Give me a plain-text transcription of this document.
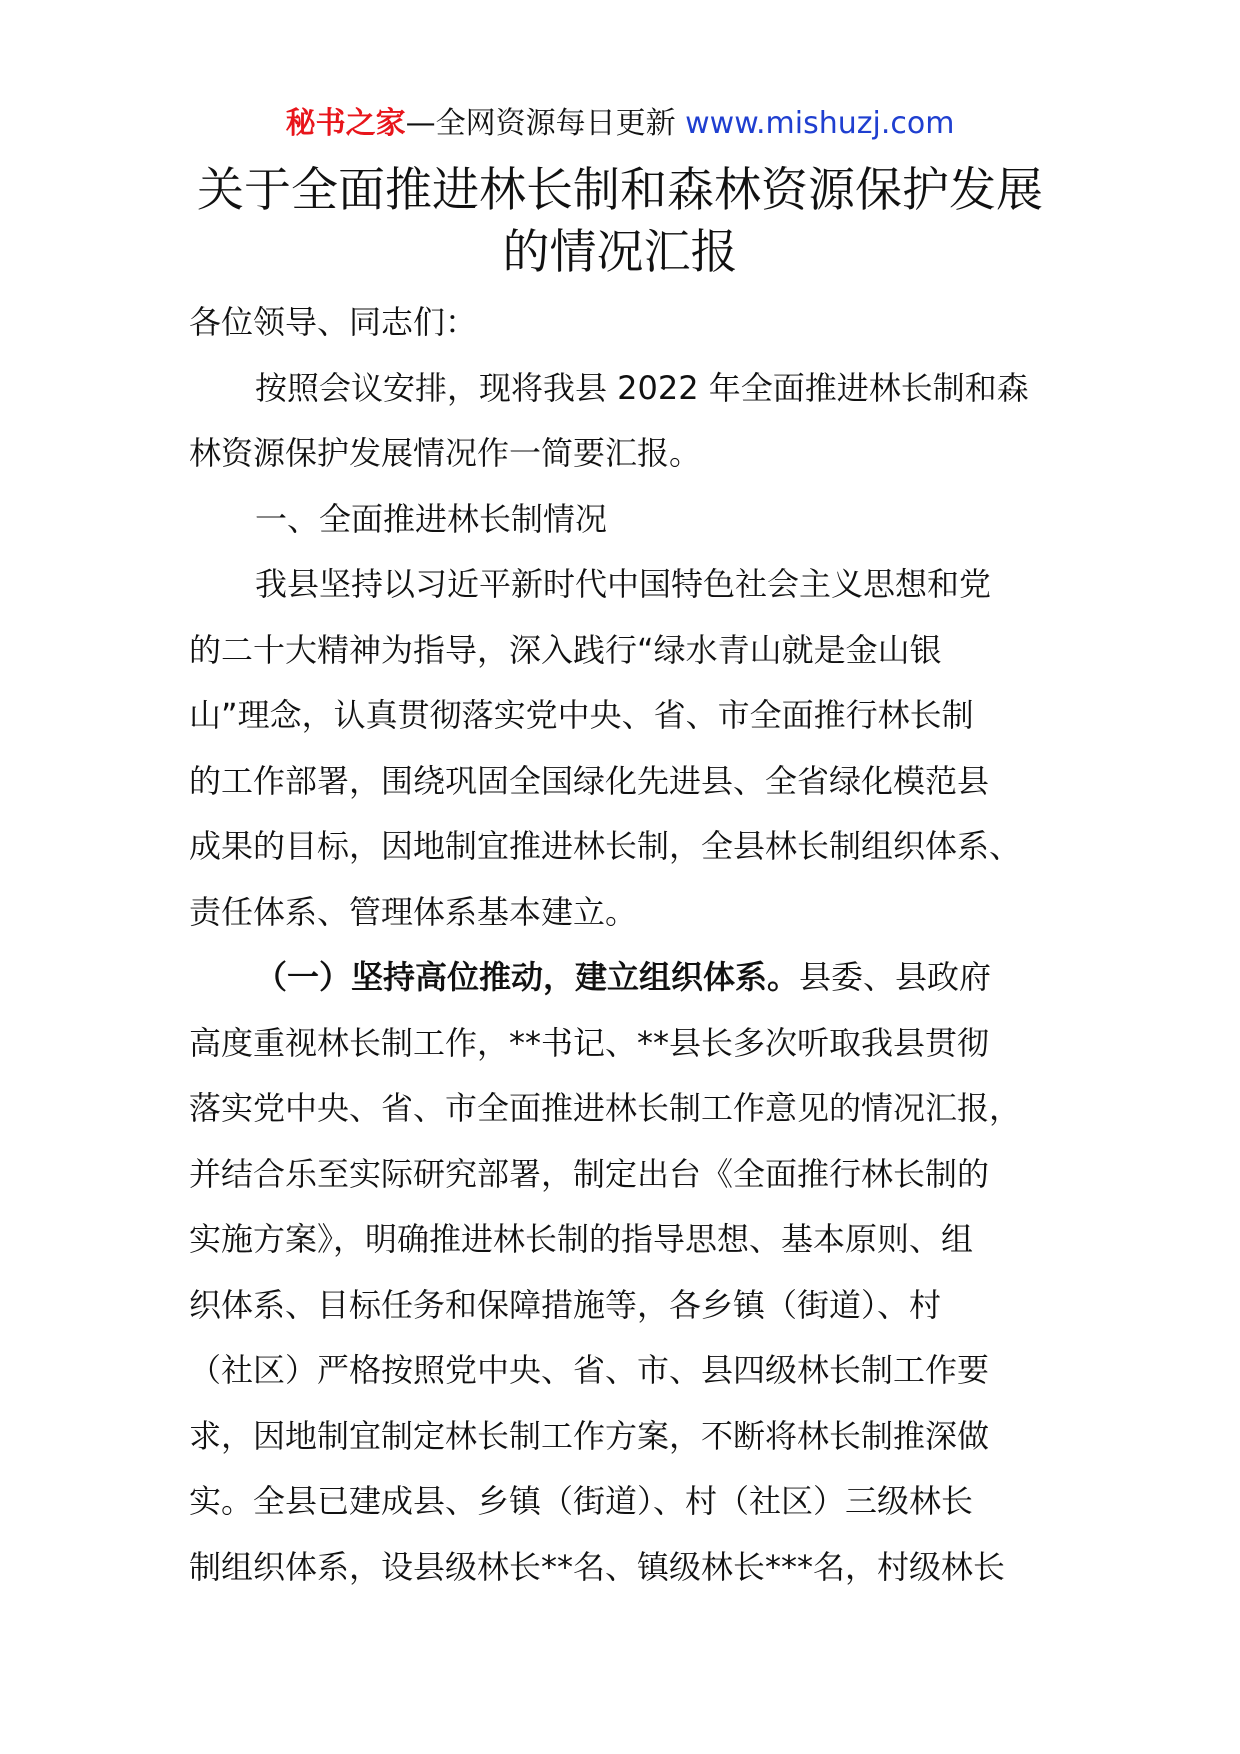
秘书之家—全网资源每日更新 www.mishuzj.com
关于全面推进林长制和森林资源保护发展
的情况汇报
各位领导、同志们：
按照会议安排，现将我县 2022 年全面推进林长制和森
林资源保护发展情况作一简要汇报。
一、全面推进林长制情况
我县坚持以习近平新时代中国特色社会主义思想和党
的二十大精神为指导，深入践行“绿水青山就是金山银
山”理念，认真贯彻落实党中央、省、市全面推行林长制
的工作部署，围绕巩固全国绿化先进县、全省绿化模范县
成果的目标，因地制宜推进林长制，全县林长制组织体系、
责任体系、管理体系基本建立。
（一）坚持高位推动，建立组织体系。县委、县政府
高度重视林长制工作，**书记、**县长多次听取我县贯彻
落实党中央、省、市全面推进林长制工作意见的情况汇报，
并结合乐至实际研究部署，制定出台《全面推行林长制的
实施方案》，明确推进林长制的指导思想、基本原则、组
织体系、目标任务和保障措施等，各乡镇（街道）、村
（社区）严格按照党中央、省、市、县四级林长制工作要
求，因地制宜制定林长制工作方案，不断将林长制推深做
实。全县已建成县、乡镇（街道）、村（社区）三级林长
制组织体系，设县级林长**名、镇级林长***名，村级林长
